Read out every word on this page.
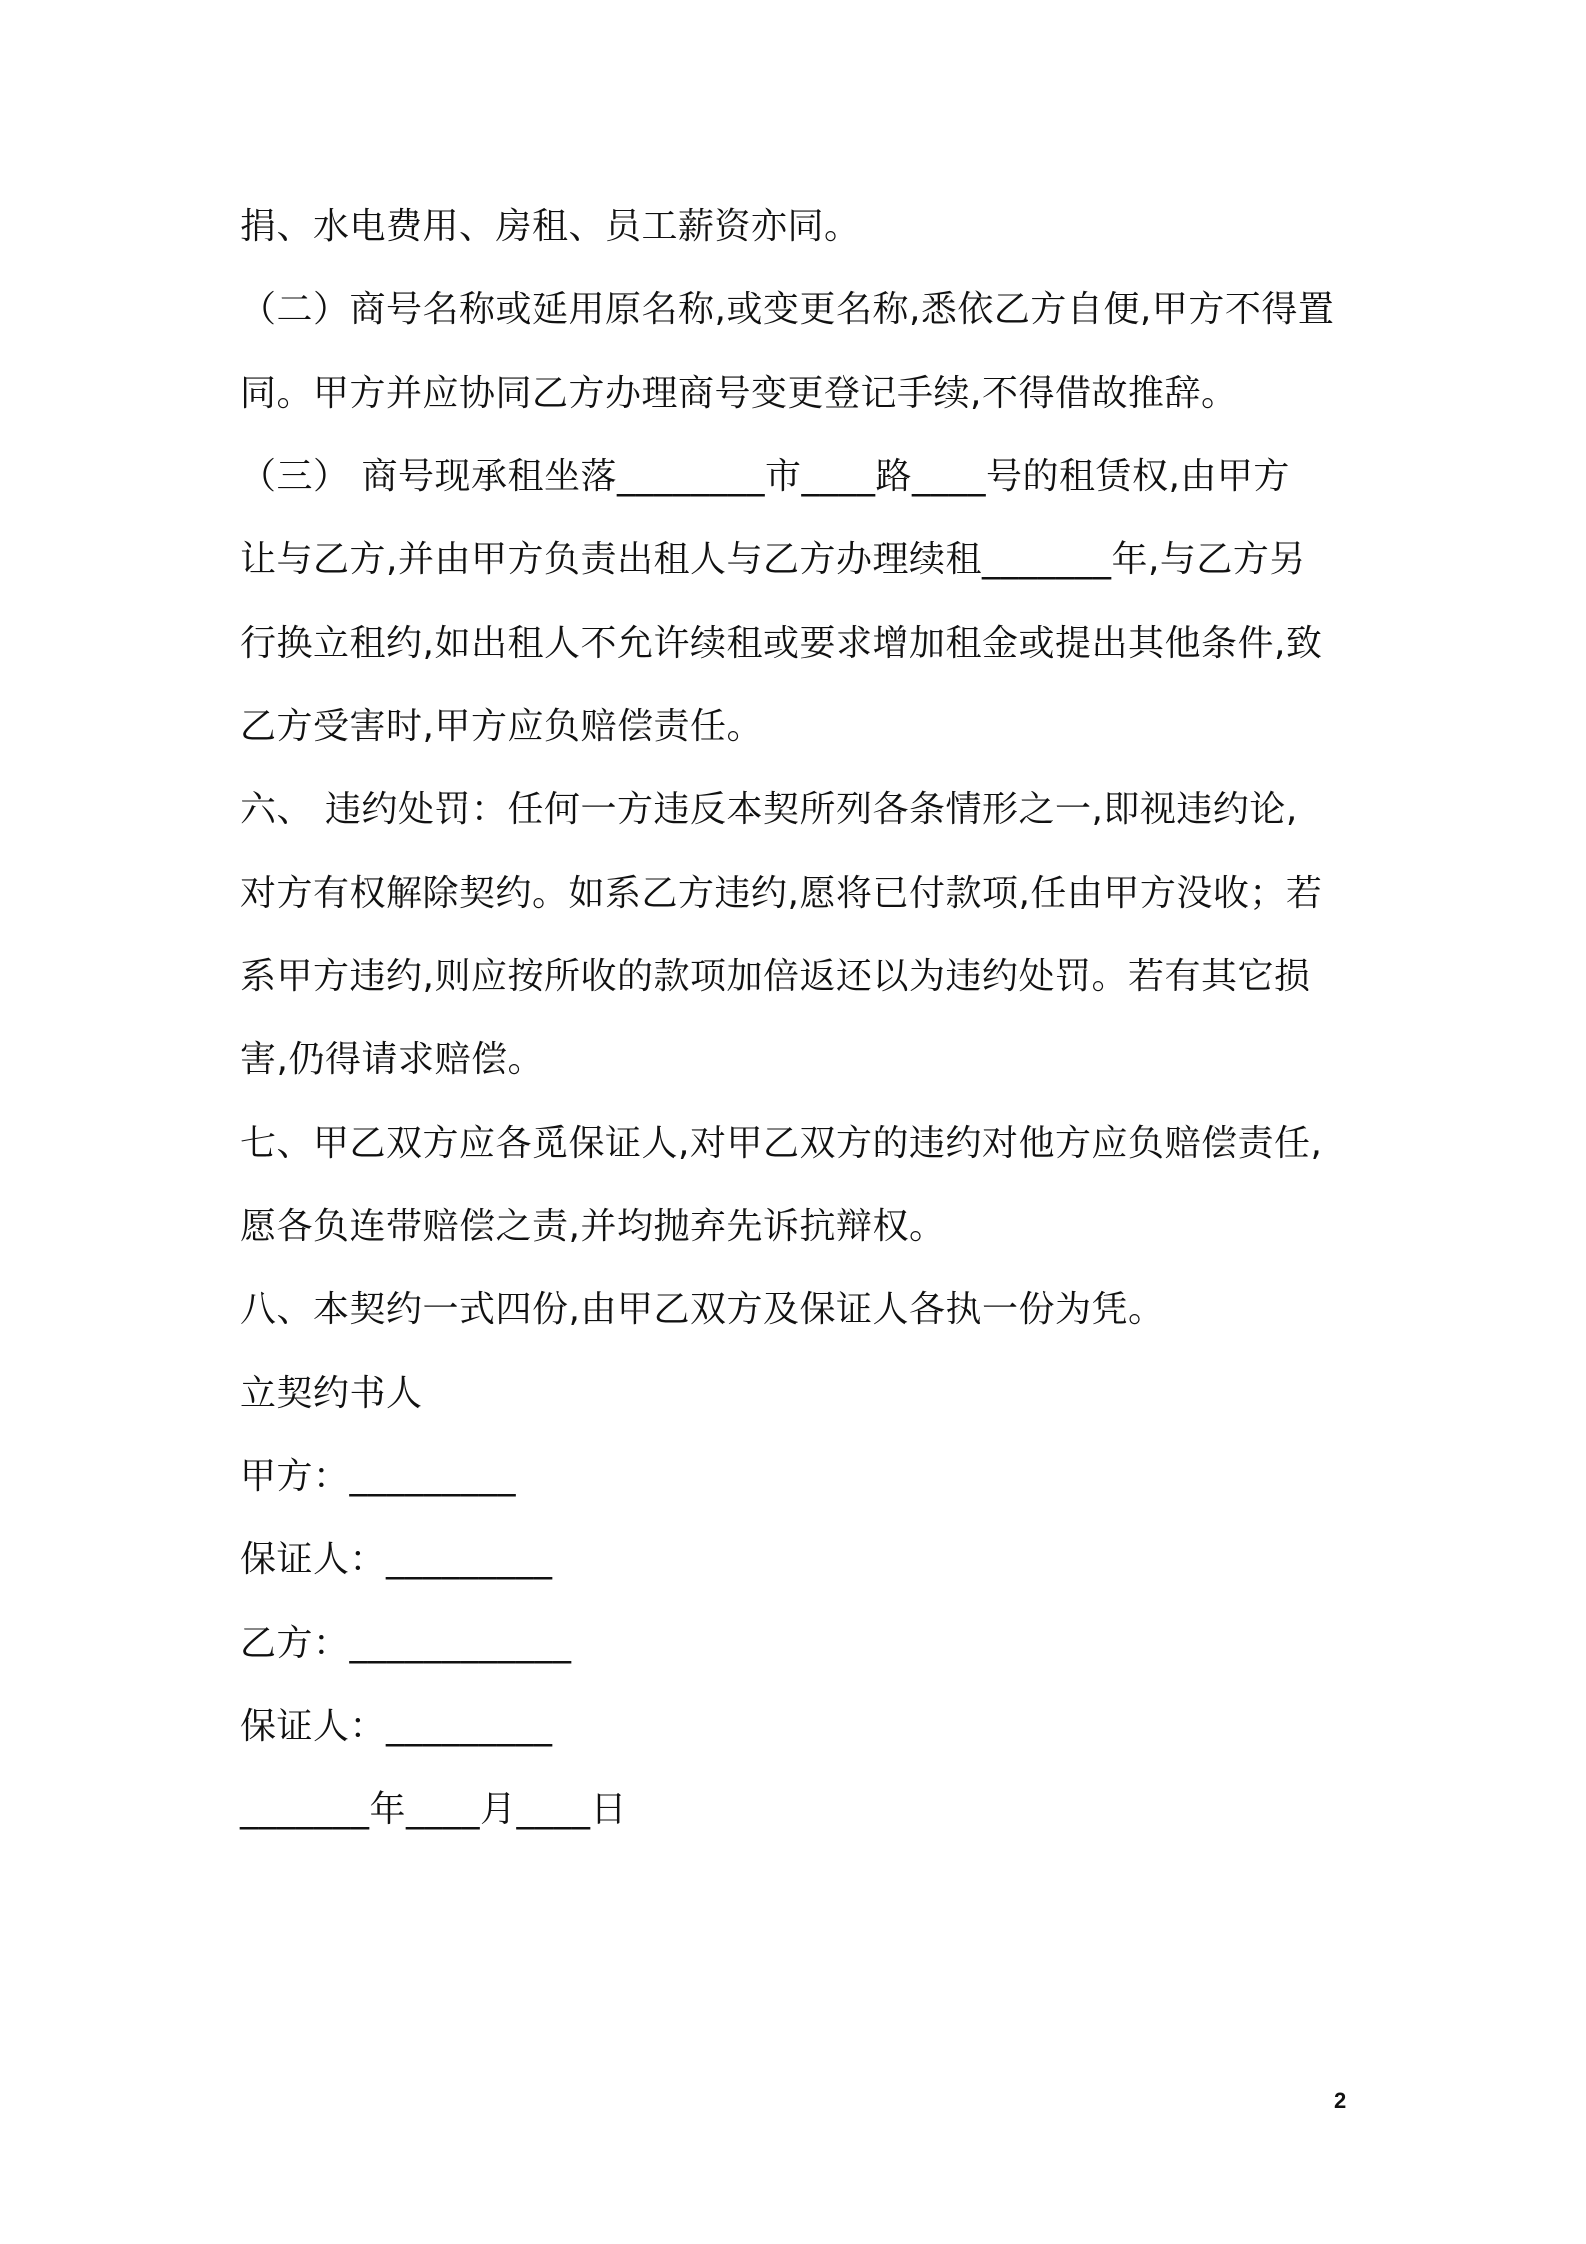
捐、水电费用、房租、员工薪资亦同。
（二）商号名称或延用原名称,或变更名称,悉依乙方自便,甲方不得置
同。甲方并应协同乙方办理商号变更登记手续,不得借故推辞。
（三） 商号现承租坐落________市____路____号的租赁权,由甲方
让与乙方,并由甲方负责出租人与乙方办理续租_______年,与乙方另
行换立租约,如出租人不允许续租或要求增加租金或提出其他条件,致
乙方受害时,甲方应负赔偿责任。
六、 违约处罚：任何一方违反本契所列各条情形之一,即视违约论,
对方有权解除契约。如系乙方违约,愿将已付款项,任由甲方没收；若
系甲方违约,则应按所收的款项加倍返还以为违约处罚。若有其它损
害,仍得请求赔偿。
七、甲乙双方应各觅保证人,对甲乙双方的违约对他方应负赔偿责任,
愿各负连带赔偿之责,并均抛弃先诉抗辩权。
八、本契约一式四份,由甲乙双方及保证人各执一份为凭。
立契约书人
甲方：_________
保证人：_________
乙方：____________
保证人：_________
_______年____月____日
2
